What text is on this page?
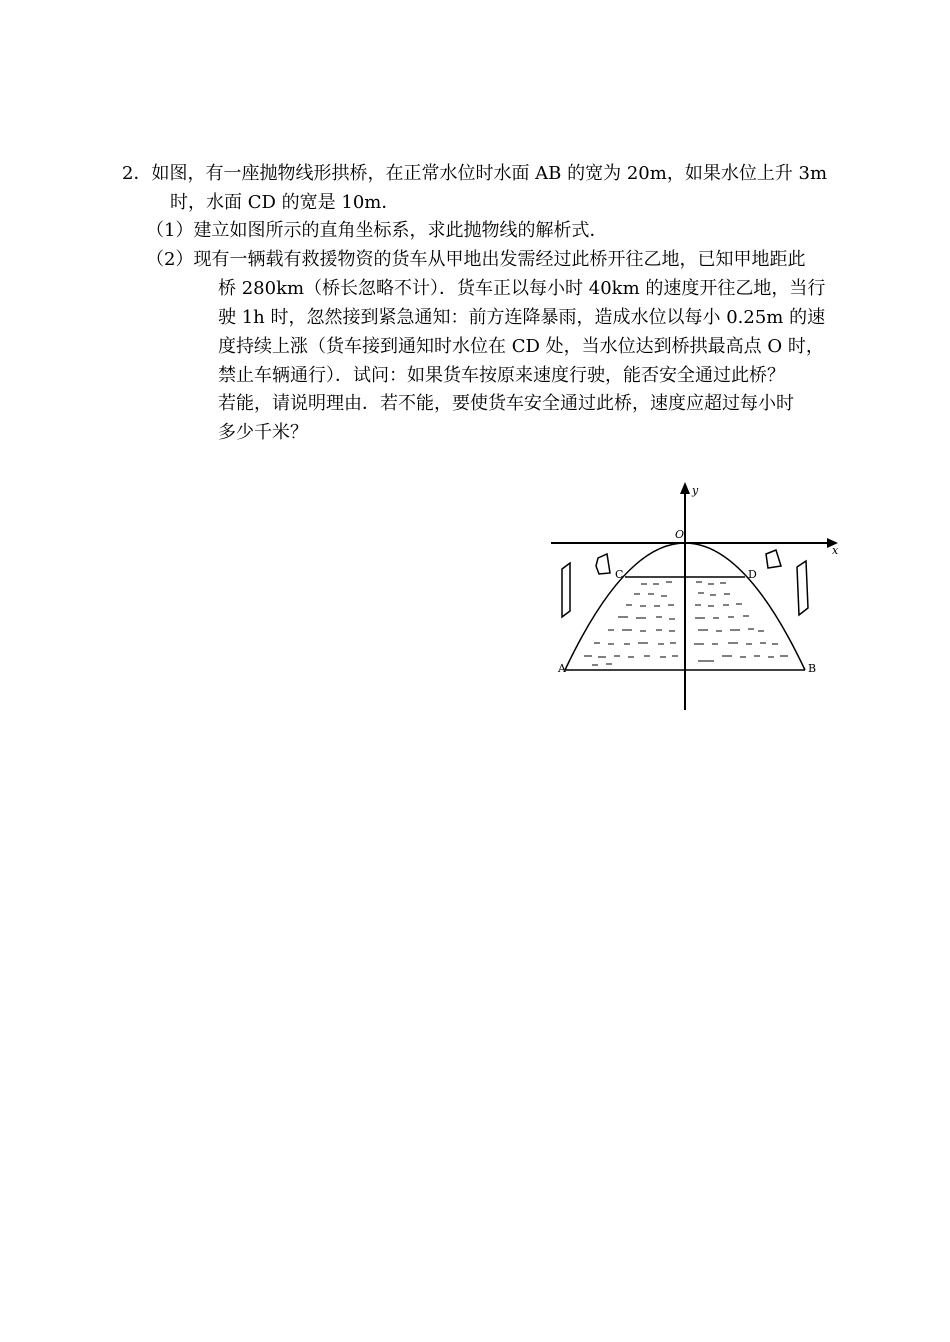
2．如图，有一座抛物线形拱桥，在正常水位时水面 AB 的宽为 20m，如果水位上升 3m
时，水面 CD 的宽是 10m．
（1）建立如图所示的直角坐标系，求此抛物线的解析式．
（2）现有一辆载有救援物资的货车从甲地出发需经过此桥开往乙地，已知甲地距此
桥 280km（桥长忽略不计）．货车正以每小时 40km 的速度开往乙地，当行
驶 1h 时，忽然接到紧急通知：前方连降暴雨，造成水位以每小 0.25m 的速
度持续上涨（货车接到通知时水位在 CD 处，当水位达到桥拱最高点 O 时，
禁止车辆通行）．试问：如果货车按原来速度行驶，能否安全通过此桥？
若能，请说明理由．若不能，要使货车安全通过此桥，速度应超过每小时
多少千米？
y
x
O
C	D
A	B
